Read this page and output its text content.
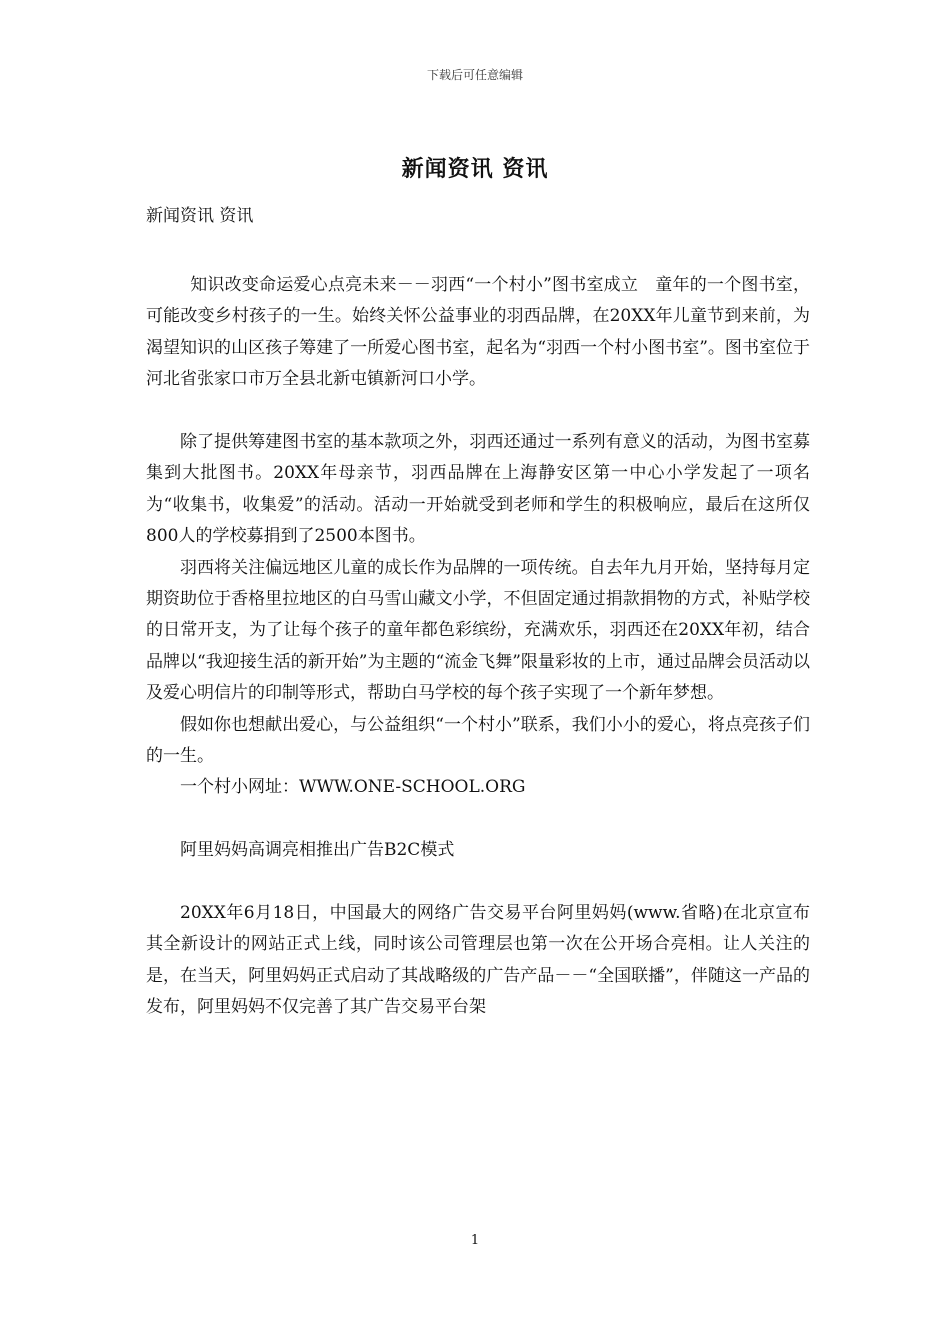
下载后可任意编辑
新闻资讯 资讯
新闻资讯 资讯

知识改变命运爱心点亮未来－－羽西“一个村小”图书室成立　童年的一个图书室，可能改变乡村孩子的一生。始终关怀公益事业的羽西品牌，在20XX年儿童节到来前，为渴望知识的山区孩子筹建了一所爱心图书室，起名为“羽西一个村小图书室”。图书室位于河北省张家口市万全县北新屯镇新河口小学。

除了提供筹建图书室的基本款项之外，羽西还通过一系列有意义的活动，为图书室募集到大批图书。20XX年母亲节，羽西品牌在上海静安区第一中心小学发起了一项名为“收集书，收集爱”的活动。活动一开始就受到老师和学生的积极响应，最后在这所仅800人的学校募捐到了2500本图书。

羽西将关注偏远地区儿童的成长作为品牌的一项传统。自去年九月开始，坚持每月定期资助位于香格里拉地区的白马雪山藏文小学，不但固定通过捐款捐物的方式，补贴学校的日常开支，为了让每个孩子的童年都色彩缤纷，充满欢乐，羽西还在20XX年初，结合品牌以“我迎接生活的新开始”为主题的“流金飞舞”限量彩妆的上市，通过品牌会员活动以及爱心明信片的印制等形式，帮助白马学校的每个孩子实现了一个新年梦想。

假如你也想献出爱心，与公益组织“一个村小”联系，我们小小的爱心，将点亮孩子们的一生。

一个村小网址：WWW.ONE-SCHOOL.ORG

阿里妈妈高调亮相推出广告B2C模式

20XX年6月18日，中国最大的网络广告交易平台阿里妈妈(www.省略)在北京宣布其全新设计的网站正式上线，同时该公司管理层也第一次在公开场合亮相。让人关注的是，在当天，阿里妈妈正式启动了其战略级的广告产品－－“全国联播”，伴随这一产品的发布，阿里妈妈不仅完善了其广告交易平台架

1
